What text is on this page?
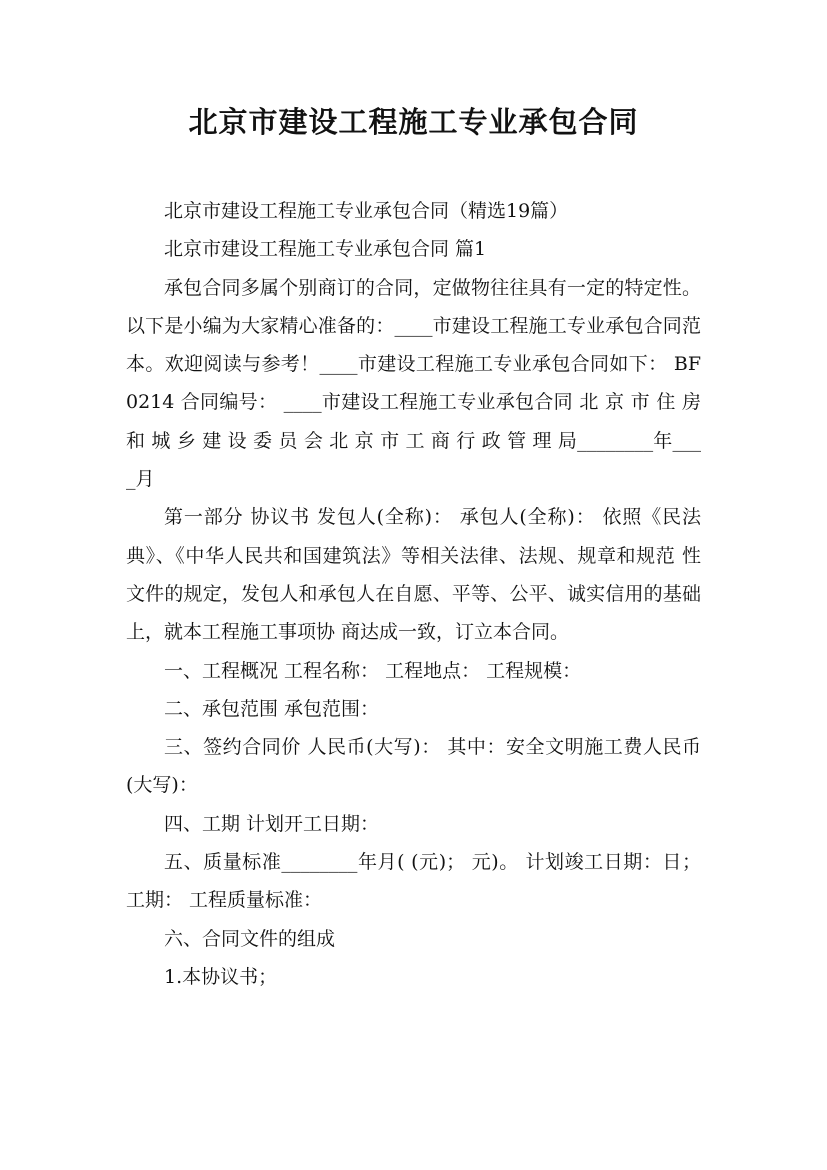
北京市建设工程施工专业承包合同

北京市建设工程施工专业承包合同（精选19篇）

北京市建设工程施工专业承包合同 篇1

承包合同多属个别商订的合同，定做物往往具有一定的特定性。以下是小编为大家精心准备的：____市建设工程施工专业承包合同范本。欢迎阅读与参考！____市建设工程施工专业承包合同如下： BF0214 合同编号： ____市建设工程施工专业承包合同 北 京 市 住 房 和 城 乡 建 设 委 员 会 北 京 市 工 商 行 政 管 理 局________年____月

第一部分 协议书 发包人(全称)： 承包人(全称)： 依照《民法典》、《中华人民共和国建筑法》等相关法律、法规、规章和规范 性文件的规定，发包人和承包人在自愿、平等、公平、诚实信用的基础上，就本工程施工事项协 商达成一致，订立本合同。

一、工程概况 工程名称： 工程地点： 工程规模：

二、承包范围 承包范围：

三、签约合同价 人民币(大写)： 其中：安全文明施工费人民币(大写)：

四、工期 计划开工日期：

五、质量标准________年月( (元)； 元)。 计划竣工日期：日；工期： 工程质量标准：

六、合同文件的组成

1.本协议书；
